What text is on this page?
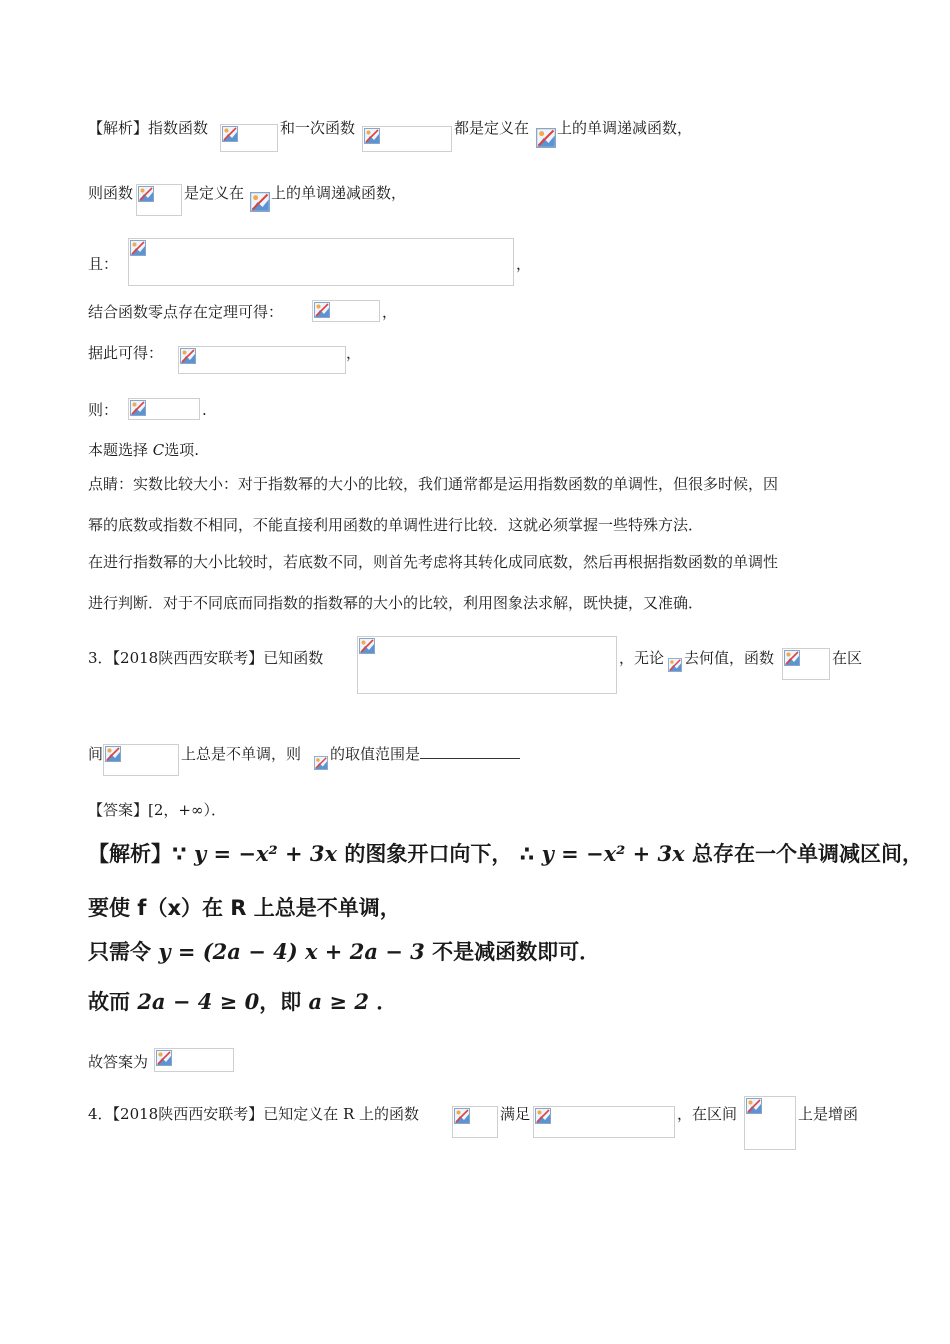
【解析】指数函数	和一次函数	都是定义在 上的单调递减函数，
则函数	是定义在 上的单调递减函数，
且：	，
结合函数零点存在定理可得：	，
据此可得：	，
则：	.
本题选择 C选项.
点睛：实数比较大小：对于指数幂的大小的比较，我们通常都是运用指数函数的单调性，但很多时候，因
幂的底数或指数不相同，不能直接利用函数的单调性进行比较．这就必须掌握一些特殊方法．
在进行指数幂的大小比较时，若底数不同，则首先考虑将其转化成同底数，然后再根据指数函数的单调性
进行判断．对于不同底而同指数的指数幂的大小的比较，利用图象法求解，既快捷，又准确．
3．【2018陕西西安联考】已知函数	，无论 去何值，函数	在区
间	上总是不单调，则 的取值范围是
【答案】[2，+∞）．
【解析】∵ y = −x² + 3x 的图象开口向下， ∴ y = −x² + 3x 总存在一个单调减区间，
要使 f（x）在 R 上总是不单调，
只需令 y = (2a − 4) x + 2a − 3 不是减函数即可．
故而 2a − 4 ≥ 0，即 a ≥ 2 ．
故答案为
4．【2018陕西西安联考】已知定义在 R 上的函数	满足	，在区间	上是增函
